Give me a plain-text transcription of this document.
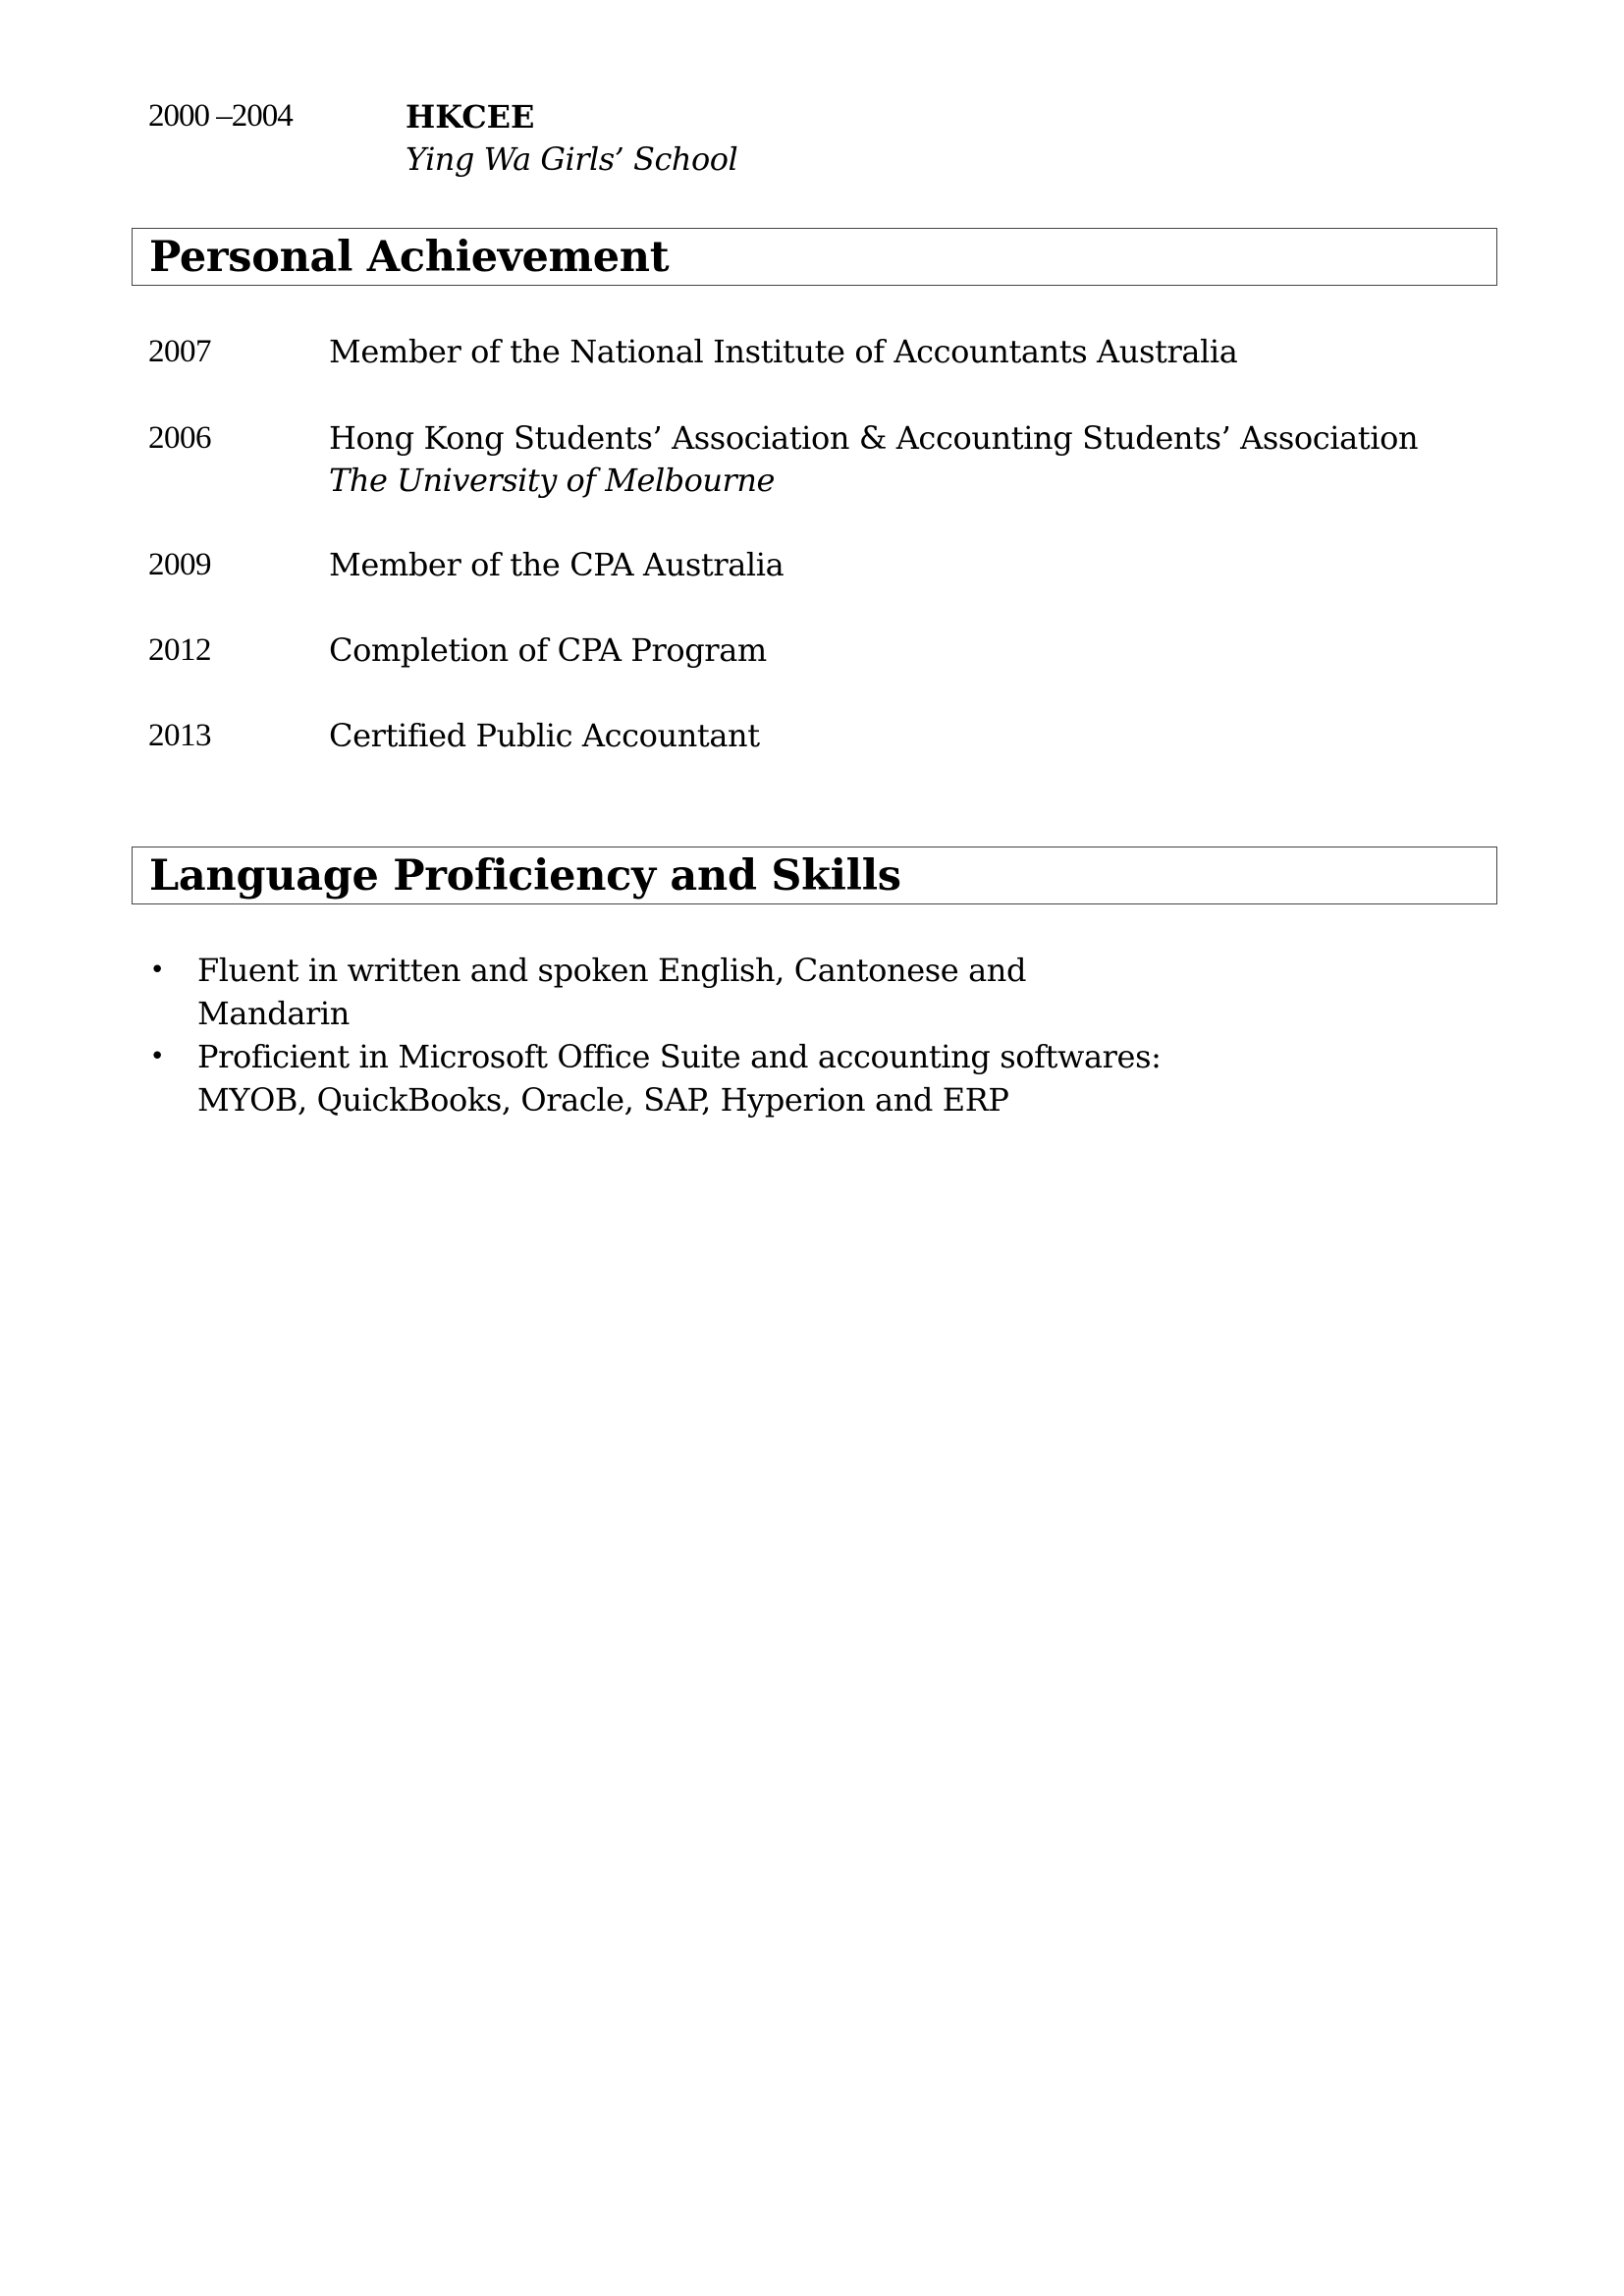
2000 –2004	HKCEE
Ying Wa Girls’ School
Personal Achievement
2007	Member of the National Institute of Accountants Australia
2006	Hong Kong Students’ Association & Accounting Students’ Association
The University of Melbourne
2009	Member of the CPA Australia
2012	Completion of CPA Program
2013	Certified Public Accountant
Language Proficiency and Skills
• Fluent in written and spoken English, Cantonese and Mandarin
• Proficient in Microsoft Office Suite and accounting softwares: MYOB, QuickBooks, Oracle, SAP, Hyperion and ERP
